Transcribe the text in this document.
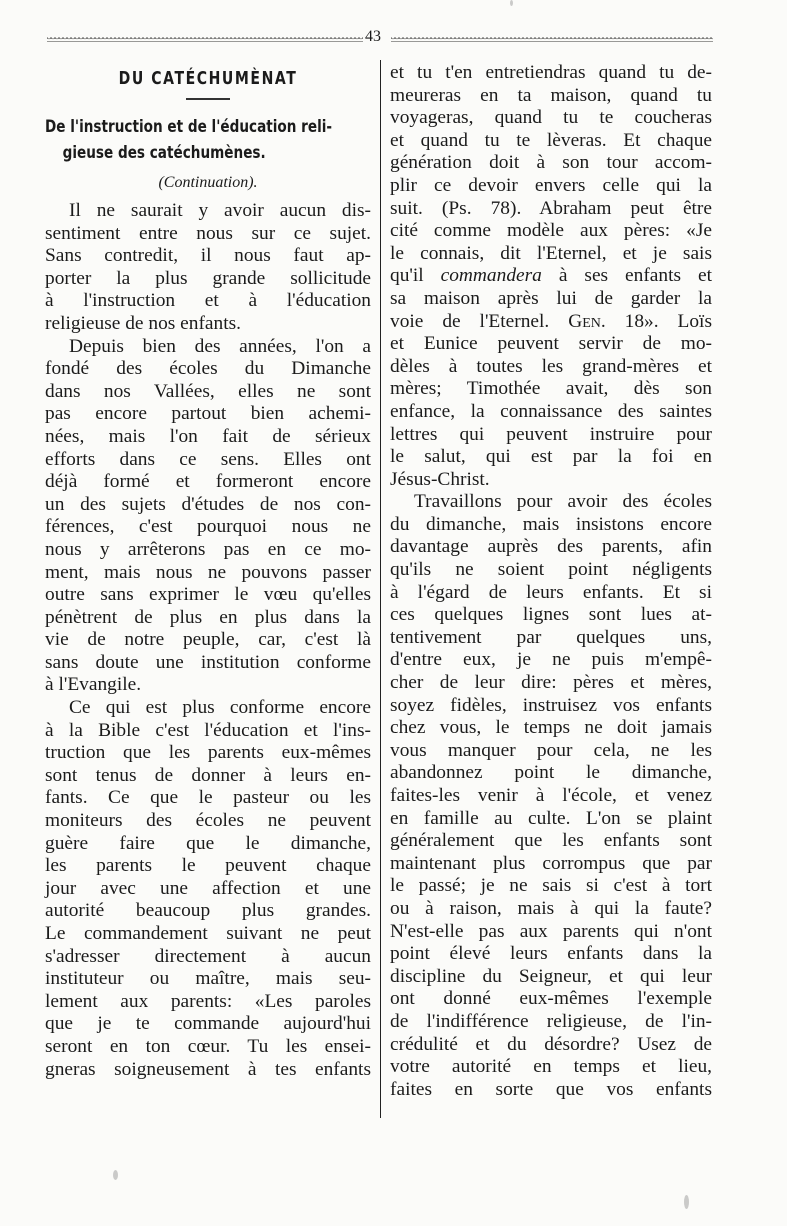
43
DU CATÉCHUMÈNAT
De l'instruction et de l'éducation reli-
gieuse des catéchumènes.
(Continuation).
Il ne saurait y avoir aucun dis-
sentiment entre nous sur ce sujet.
Sans contredit, il nous faut ap-
porter la plus grande sollicitude
à l'instruction et à l'éducation
religieuse de nos enfants.
Depuis bien des années, l'on a
fondé des écoles du Dimanche
dans nos Vallées, elles ne sont
pas encore partout bien achemi-
nées, mais l'on fait de sérieux
efforts dans ce sens. Elles ont
déjà formé et formeront encore
un des sujets d'études de nos con-
férences, c'est pourquoi nous ne
nous y arrêterons pas en ce mo-
ment, mais nous ne pouvons passer
outre sans exprimer le vœu qu'elles
pénètrent de plus en plus dans la
vie de notre peuple, car, c'est là
sans doute une institution conforme
à l'Evangile.
Ce qui est plus conforme encore
à la Bible c'est l'éducation et l'ins-
truction que les parents eux-mêmes
sont tenus de donner à leurs en-
fants. Ce que le pasteur ou les
moniteurs des écoles ne peuvent
guère faire que le dimanche,
les parents le peuvent chaque
jour avec une affection et une
autorité beaucoup plus grandes.
Le commandement suivant ne peut
s'adresser directement à aucun
instituteur ou maître, mais seu-
lement aux parents: «Les paroles
que je te commande aujourd'hui
seront en ton cœur. Tu les ensei-
gneras soigneusement à tes enfants
et tu t'en entretiendras quand tu de-
meureras en ta maison, quand tu
voyageras, quand tu te coucheras
et quand tu te lèveras. Et chaque
génération doit à son tour accom-
plir ce devoir envers celle qui la
suit. (Ps. 78). Abraham peut être
cité comme modèle aux pères: «Je
le connais, dit l'Eternel, et je sais
qu'il commandera à ses enfants et
sa maison après lui de garder la
voie de l'Eternel. Gen. 18». Loïs
et Eunice peuvent servir de mo-
dèles à toutes les grand-mères et
mères; Timothée avait, dès son
enfance, la connaissance des saintes
lettres qui peuvent instruire pour
le salut, qui est par la foi en
Jésus-Christ.
Travaillons pour avoir des écoles
du dimanche, mais insistons encore
davantage auprès des parents, afin
qu'ils ne soient point négligents
à l'égard de leurs enfants. Et si
ces quelques lignes sont lues at-
tentivement par quelques uns,
d'entre eux, je ne puis m'empê-
cher de leur dire: pères et mères,
soyez fidèles, instruisez vos enfants
chez vous, le temps ne doit jamais
vous manquer pour cela, ne les
abandonnez point le dimanche,
faites-les venir à l'école, et venez
en famille au culte. L'on se plaint
généralement que les enfants sont
maintenant plus corrompus que par
le passé; je ne sais si c'est à tort
ou à raison, mais à qui la faute?
N'est-elle pas aux parents qui n'ont
point élevé leurs enfants dans la
discipline du Seigneur, et qui leur
ont donné eux-mêmes l'exemple
de l'indifférence religieuse, de l'in-
crédulité et du désordre? Usez de
votre autorité en temps et lieu,
faites en sorte que vos enfants
